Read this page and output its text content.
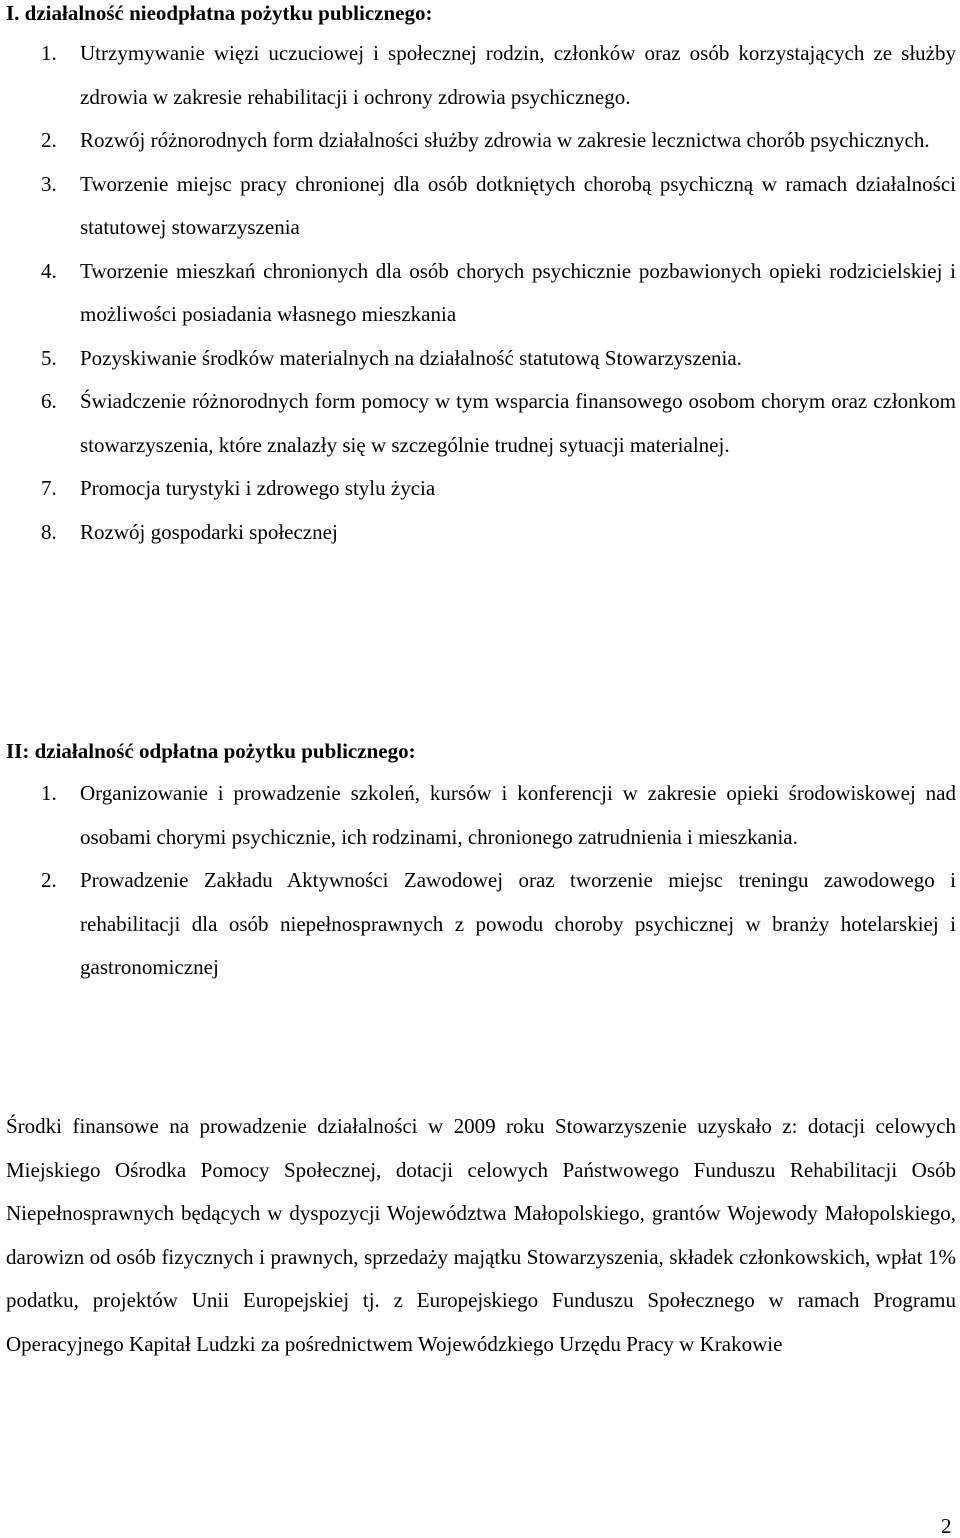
I. działalność nieodpłatna pożytku publicznego:
1. Utrzymywanie więzi uczuciowej i społecznej rodzin, członków oraz osób korzystających ze służby zdrowia w zakresie rehabilitacji i ochrony zdrowia psychicznego.
2. Rozwój różnorodnych form działalności służby zdrowia w zakresie lecznictwa chorób psychicznych.
3. Tworzenie miejsc pracy chronionej dla osób dotkniętych chorobą psychiczną w ramach działalności statutowej stowarzyszenia
4. Tworzenie mieszkań chronionych dla osób chorych psychicznie pozbawionych opieki rodzicielskiej i możliwości posiadania własnego mieszkania
5. Pozyskiwanie środków materialnych na działalność statutową Stowarzyszenia.
6. Świadczenie różnorodnych form pomocy w tym wsparcia finansowego osobom chorym oraz członkom stowarzyszenia, które znalazły się w szczególnie trudnej sytuacji materialnej.
7. Promocja turystyki i zdrowego stylu życia
8. Rozwój gospodarki społecznej
II: działalność odpłatna pożytku publicznego:
1. Organizowanie i prowadzenie szkoleń, kursów i konferencji w zakresie opieki środowiskowej nad osobami chorymi psychicznie, ich rodzinami, chronionego zatrudnienia i mieszkania.
2. Prowadzenie Zakładu Aktywności Zawodowej oraz tworzenie miejsc treningu zawodowego i rehabilitacji dla osób niepełnosprawnych z powodu choroby psychicznej w branży hotelarskiej i gastronomicznej

Środki finansowe na prowadzenie działalności w 2009 roku Stowarzyszenie uzyskało z: dotacji celowych Miejskiego Ośrodka Pomocy Społecznej, dotacji celowych Państwowego Funduszu Rehabilitacji Osób Niepełnosprawnych będących w dyspozycji Województwa Małopolskiego, grantów Wojewody Małopolskiego, darowizn od osób fizycznych i prawnych, sprzedaży majątku Stowarzyszenia, składek członkowskich, wpłat 1% podatku, projektów Unii Europejskiej tj. z Europejskiego Funduszu Społecznego w ramach Programu Operacyjnego Kapitał Ludzki za pośrednictwem Wojewódzkiego Urzędu Pracy w Krakowie

2
